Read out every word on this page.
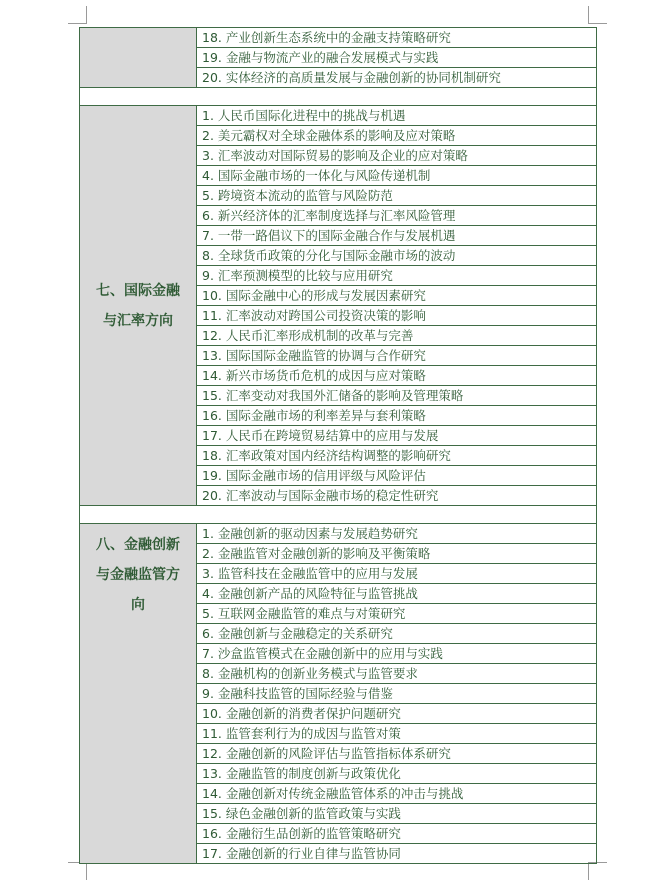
18. 产业创新生态系统中的金融支持策略研究
19. 金融与物流产业的融合发展模式与实践
20. 实体经济的高质量发展与金融创新的协同机制研究
七、国际金融
与汇率方向
1. 人民币国际化进程中的挑战与机遇
2. 美元霸权对全球金融体系的影响及应对策略
3. 汇率波动对国际贸易的影响及企业的应对策略
4. 国际金融市场的一体化与风险传递机制
5. 跨境资本流动的监管与风险防范
6. 新兴经济体的汇率制度选择与汇率风险管理
7. 一带一路倡议下的国际金融合作与发展机遇
8. 全球货币政策的分化与国际金融市场的波动
9. 汇率预测模型的比较与应用研究
10. 国际金融中心的形成与发展因素研究
11. 汇率波动对跨国公司投资决策的影响
12. 人民币汇率形成机制的改革与完善
13. 国际国际金融监管的协调与合作研究
14. 新兴市场货币危机的成因与应对策略
15. 汇率变动对我国外汇储备的影响及管理策略
16. 国际金融市场的利率差异与套利策略
17. 人民币在跨境贸易结算中的应用与发展
18. 汇率政策对国内经济结构调整的影响研究
19. 国际金融市场的信用评级与风险评估
20. 汇率波动与国际金融市场的稳定性研究
八、金融创新
与金融监管方
向
1. 金融创新的驱动因素与发展趋势研究
2. 金融监管对金融创新的影响及平衡策略
3. 监管科技在金融监管中的应用与发展
4. 金融创新产品的风险特征与监管挑战
5. 互联网金融监管的难点与对策研究
6. 金融创新与金融稳定的关系研究
7. 沙盒监管模式在金融创新中的应用与实践
8. 金融机构的创新业务模式与监管要求
9. 金融科技监管的国际经验与借鉴
10. 金融创新的消费者保护问题研究
11. 监管套利行为的成因与监管对策
12. 金融创新的风险评估与监管指标体系研究
13. 金融监管的制度创新与政策优化
14. 金融创新对传统金融监管体系的冲击与挑战
15. 绿色金融创新的监管政策与实践
16. 金融衍生品创新的监管策略研究
17. 金融创新的行业自律与监管协同
